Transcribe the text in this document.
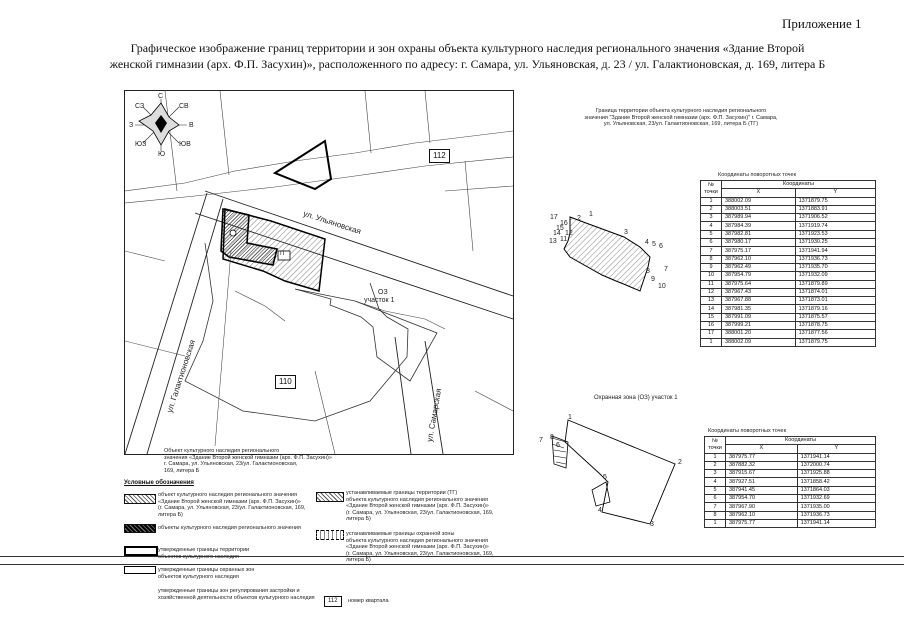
Приложение 1
Графическое изображение границ территории и зон охраны объекта культурного наследия регионального значения «Здание Второй
женской гимназии (арх. Ф.П. Засухин)», расположенного по адресу: г. Самара, ул. Ульяновская, д. 23 / ул. Галактионовская, д. 169, литера Б
С
СВ
В
ЮВ
Ю
ЮЗ
З
СЗ
112
110
ул. Ульяновская
ул. Галактионовская
ул. Самарская
ОЗ
участок 1
ТГ
Объект культурного наследия регионального
значения «Здание Второй женской гимназии (арх. Ф.П. Засухин)»
г. Самара, ул. Ульяновская, 23/ул. Галактионовская,
169, литера Б
Граница территории объекта культурного наследия регионального
значения "Здание Второй женской гимназии (арх. Ф.П. Засухин)" г. Самара,
ул. Ульяновская, 23/ул. Галактионовская, 169, литера Б (ТГ)
1
2
3
4 5 6
7
8
9
10
11
12
13
14
15
16
17
Координаты поворотных точек
№ точки	Координаты	
	X	Y
1	388002.09	1371879.75
2	388003.51	1371883.91
3	387989.94	1371906.52
4	387984.39	1371919.74
5	387982.81	1371923.53
6	387980.17	1371930.25
7	387975.17	1371941.94
8	387962.10	1371936.73
9	387962.49	1371935.70
10	387954.79	1371932.09
11	387975.64	1371879.89
12	387967.43	1371874.01
13	387967.88	1371873.01
14	387981.35	1371879.16
15	387991.09	1371875.57
16	387999.21	1371878.75
17	388001.20	1371877.56
1	388002.09	1371879.75
Охранная зона (ОЗ) участок 1
1
2
3
4
5
6
7 8
Координаты поворотных точек
№ точки	Координаты	
	X	Y
1	387975.77	1371941.14
2	387882.32	1372000.74
3	387915.67	1371925.88
4	387927.51	1371858.42
5	387941.45	1371864.03
6	387954.70	1371932.69
7	387967.90	1371935.00
8	387962.10	1371936.73
1	387975.77	1371941.14
Условные обозначения
объект культурного наследия регионального значения
«Здание Второй женской гимназии (арх. Ф.П. Засухин)»
(г. Самара, ул. Ульяновская, 23/ул. Галактионовская, 169,
литера Б)
объекты культурного наследия регионального значения
утвержденные границы территории
объектов культурного наследия
утвержденные границы охранных зон
объектов культурного наследия
утвержденные границы зон регулирования застройки и
хозяйственной деятельности объектов культурного наследия
устанавливаемые границы территории (ТГ)
объекта культурного наследия регионального значения
«Здание Второй женской гимназии (арх. Ф.П. Засухин)»
(г. Самара, ул. Ульяновская, 23/ул. Галактионовская, 169,
литера Б)
устанавливаемые границы охранной зоны
объекта культурного наследия регионального значения
«Здание Второй женской гимназии (арх. Ф.П. Засухин)»
(г. Самара, ул. Ульяновская, 23/ул. Галактионовская, 169,
литера Б)
112	номер квартала
